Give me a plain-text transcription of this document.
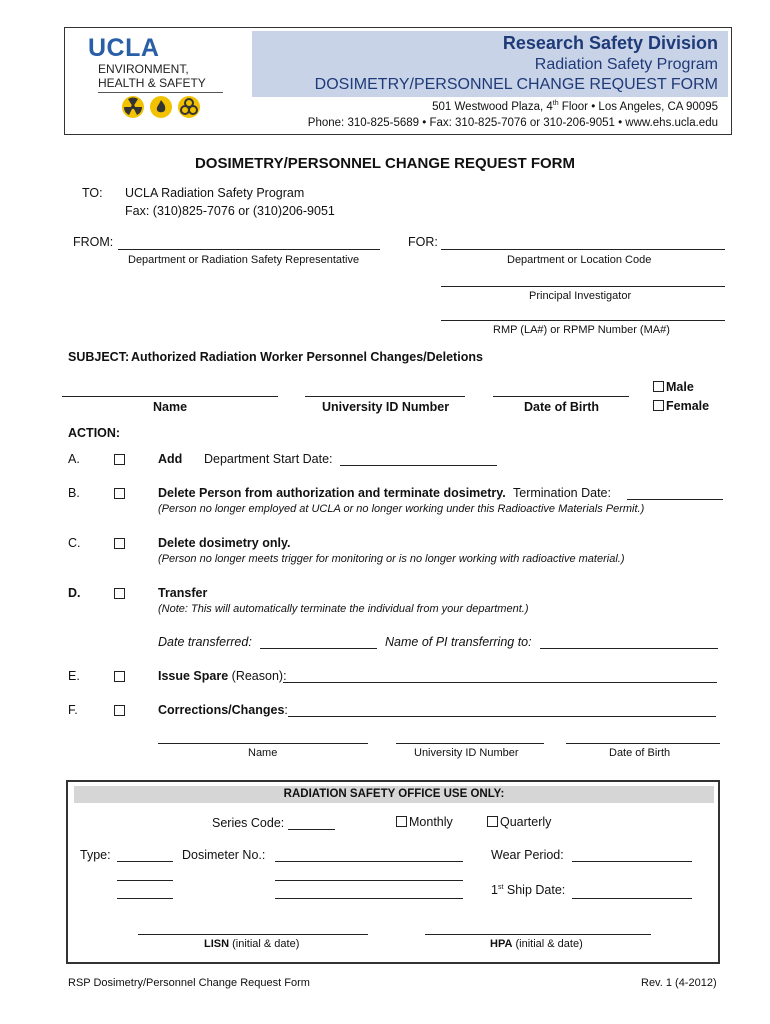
UCLA
ENVIRONMENT,
HEALTH & SAFETY
Research Safety Division
Radiation Safety Program
DOSIMETRY/PERSONNEL CHANGE REQUEST FORM
501 Westwood Plaza, 4th Floor • Los Angeles, CA 90095
Phone: 310-825-5689 • Fax: 310-825-7076 or 310-206-9051 • www.ehs.ucla.edu
DOSIMETRY/PERSONNEL CHANGE REQUEST FORM
TO: UCLA Radiation Safety Program
Fax: (310)825-7076 or (310)206-9051
FROM:
Department or Radiation Safety Representative
FOR:
Department or Location Code
Principal Investigator
RMP (LA#) or RPMP Number (MA#)
SUBJECT: Authorized Radiation Worker Personnel Changes/Deletions
Name	University ID Number	Date of Birth
Male
Female
ACTION:
A.	Add Department Start Date:
B.	Delete Person from authorization and terminate dosimetry. Termination Date:
(Person no longer employed at UCLA or no longer working under this Radioactive Materials Permit.)
C.	Delete dosimetry only.
(Person no longer meets trigger for monitoring or is no longer working with radioactive material.)
D.	Transfer
(Note: This will automatically terminate the individual from your department.)
Date transferred:	Name of PI transferring to:
E.	Issue Spare (Reason):
F.	Corrections/Changes:
Name	University ID Number	Date of Birth
RADIATION SAFETY OFFICE USE ONLY:
Series Code:	Monthly	Quarterly
Type:	Dosimeter No.:	Wear Period:
1st Ship Date:
LISN (initial & date)	HPA (initial & date)
RSP Dosimetry/Personnel Change Request Form	Rev. 1 (4-2012)
